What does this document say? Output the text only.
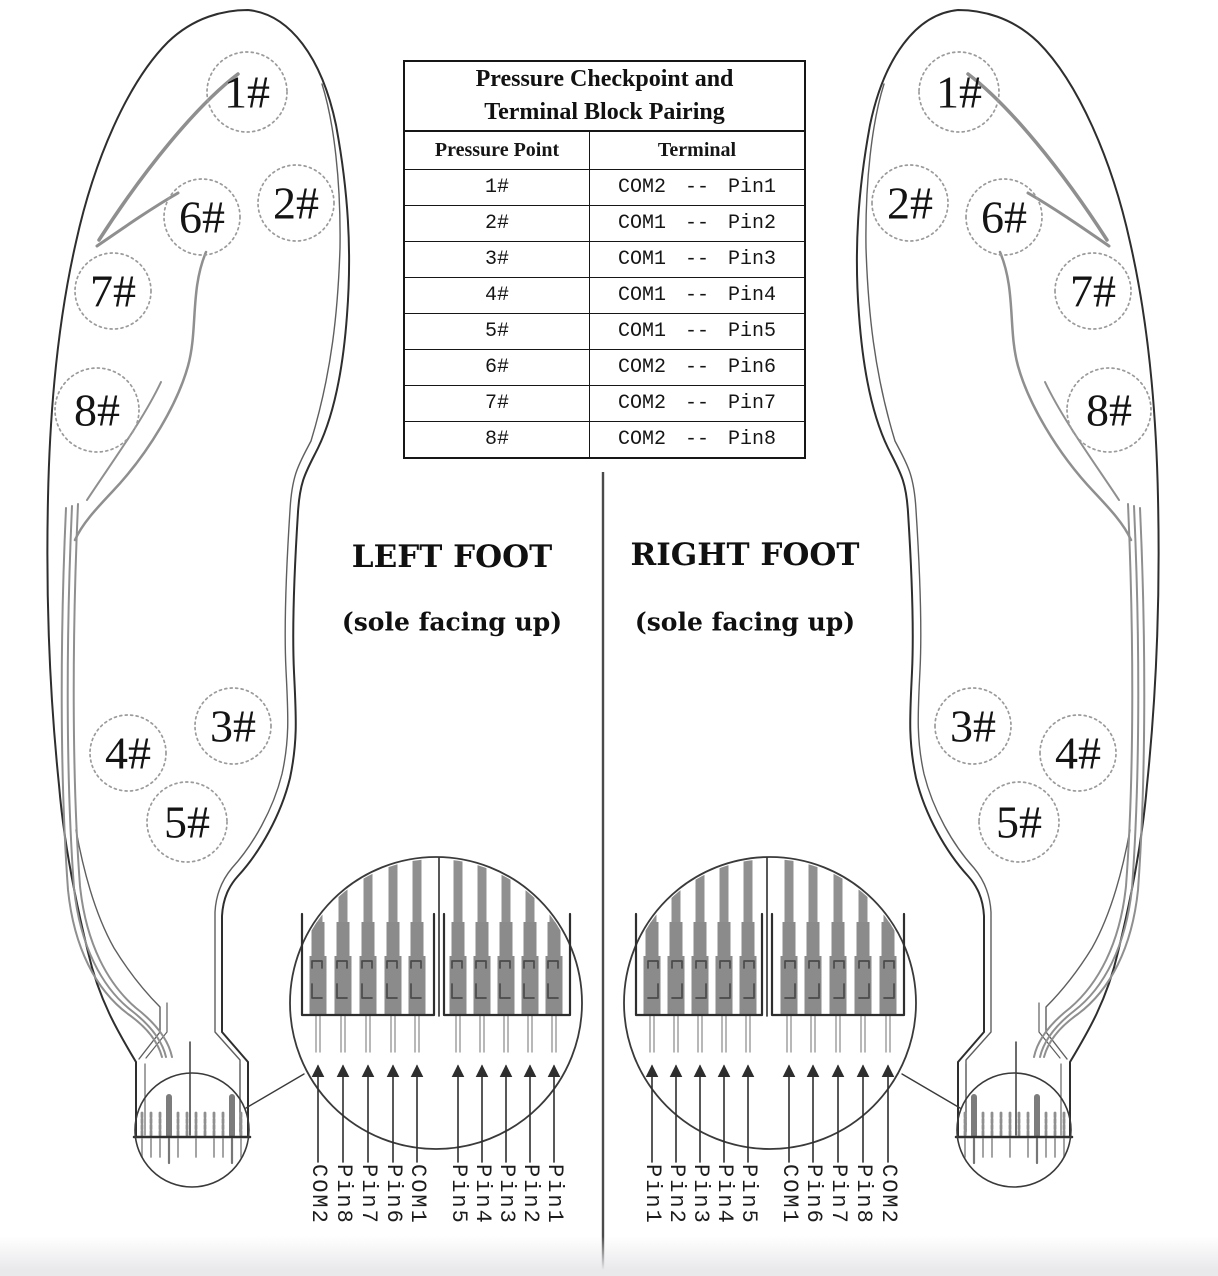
Pressure Checkpoint and
Terminal Block Pairing
Pressure Point	Terminal
1#	COM2 -- Pin1
2#	COM1 -- Pin2
3#	COM1 -- Pin3
4#	COM1 -- Pin4
5#	COM1 -- Pin5
6#	COM2 -- Pin6
7#	COM2 -- Pin7
8#	COM2 -- Pin8
LEFT FOOT
(sole facing up)
RIGHT FOOT
(sole facing up)
1#
2#
6#
7#
8#
3#
4#
5#
1#
2# 6#
7#
8#
3#
4#
5#
COM2 Pin8 Pin7 Pin6 COM1 Pin5 Pin4 Pin3 Pin2 Pin1	Pin1 Pin2 Pin3 Pin4 Pin5 COM1 Pin6 Pin7 Pin8 COM2
